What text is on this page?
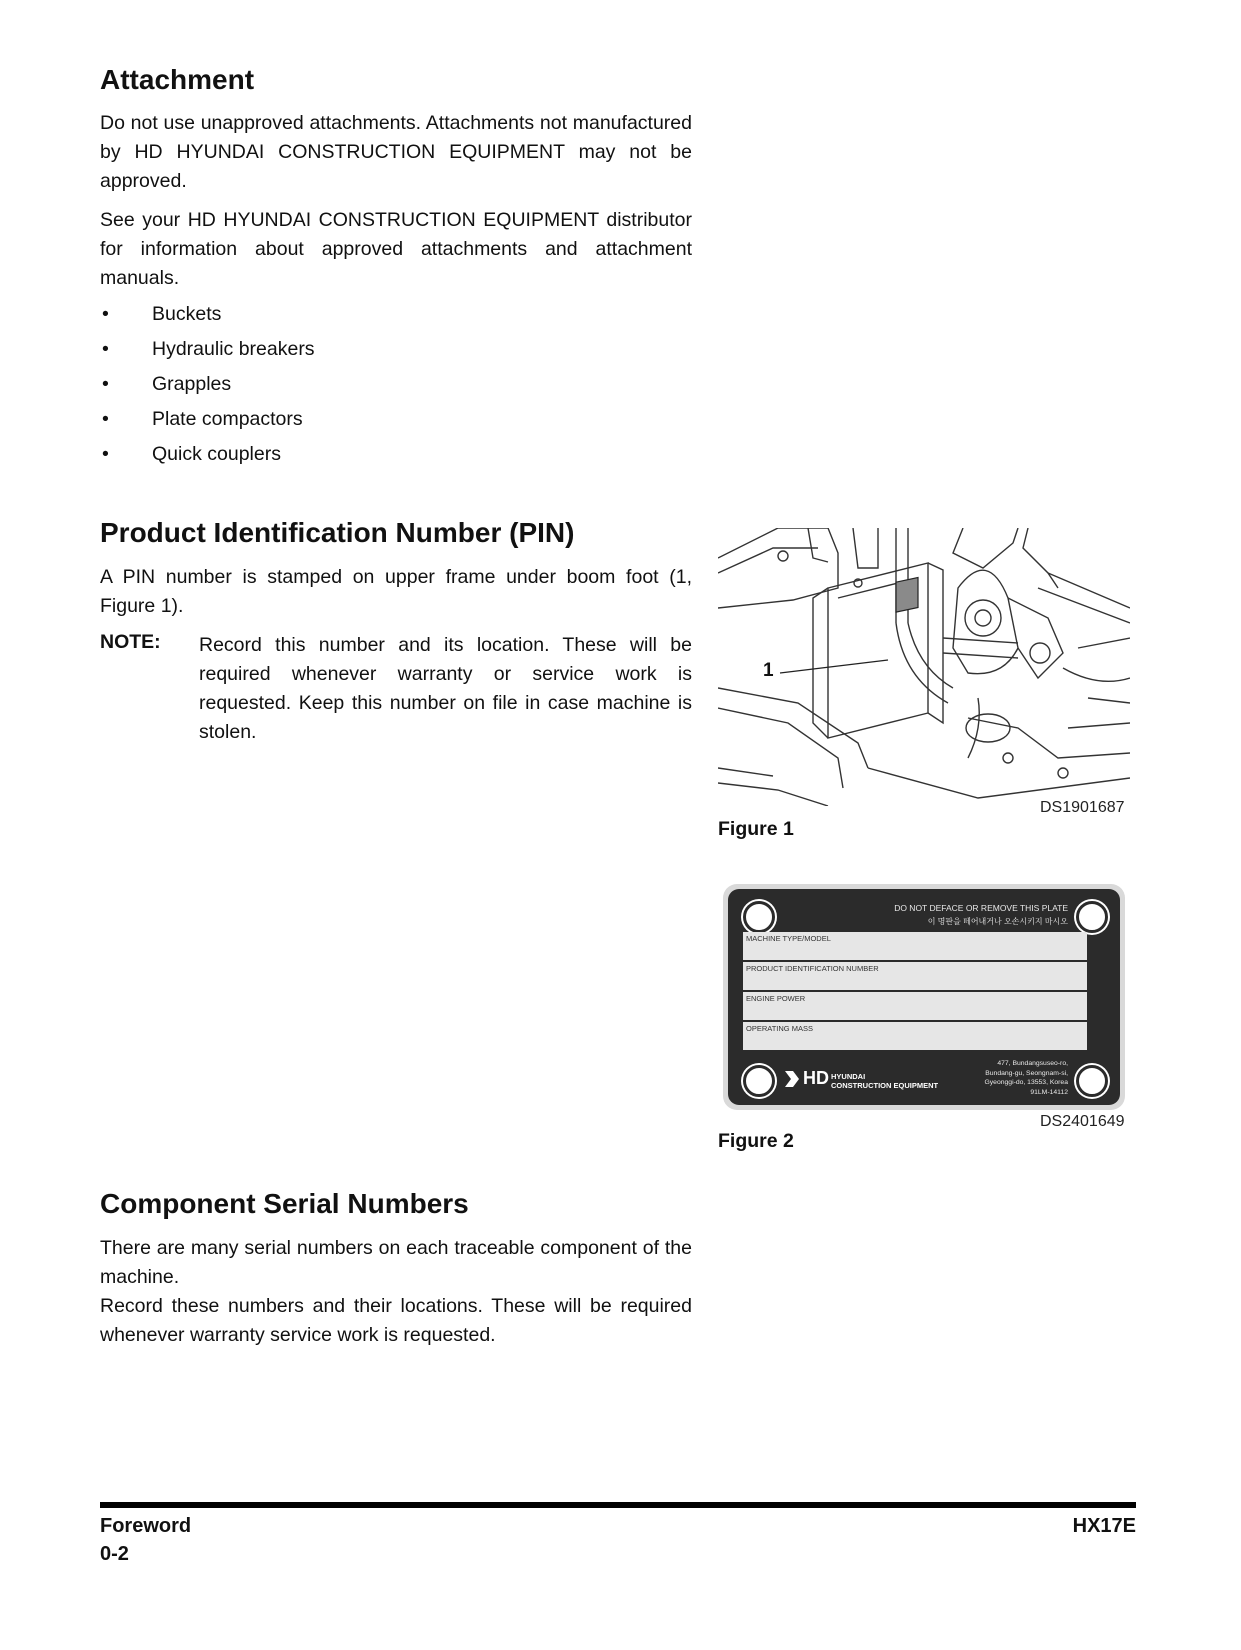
Attachment
Do not use unapproved attachments. Attachments not manufactured by HD HYUNDAI CONSTRUCTION EQUIPMENT may not be approved.
See your HD HYUNDAI CONSTRUCTION EQUIPMENT distributor for information about approved attachments and attachment manuals.
•	Buckets
•	Hydraulic breakers
•	Grapples
•	Plate compactors
•	Quick couplers
Product Identification Number (PIN)
A PIN number is stamped on upper frame under boom foot (1, Figure 1).
NOTE: Record this number and its location. These will be required whenever warranty or service work is requested. Keep this number on file in case machine is stolen.
1
DS1901687
Figure 1
DO NOT DEFACE OR REMOVE THIS PLATE
이 명판을 떼어내거나 오손시키지 마시오
MACHINE TYPE/MODEL
PRODUCT IDENTIFICATION NUMBER
ENGINE POWER
OPERATING MASS
HD HYUNDAI
CONSTRUCTION EQUIPMENT
477, Bundangsuseo-ro,
Bundang-gu, Seongnam-si,
Gyeonggi-do, 13553, Korea
91LM-14112
DS2401649
Figure 2
Component Serial Numbers
There are many serial numbers on each traceable component of the machine.
Record these numbers and their locations. These will be required whenever warranty service work is requested.
Foreword
0-2
HX17E
